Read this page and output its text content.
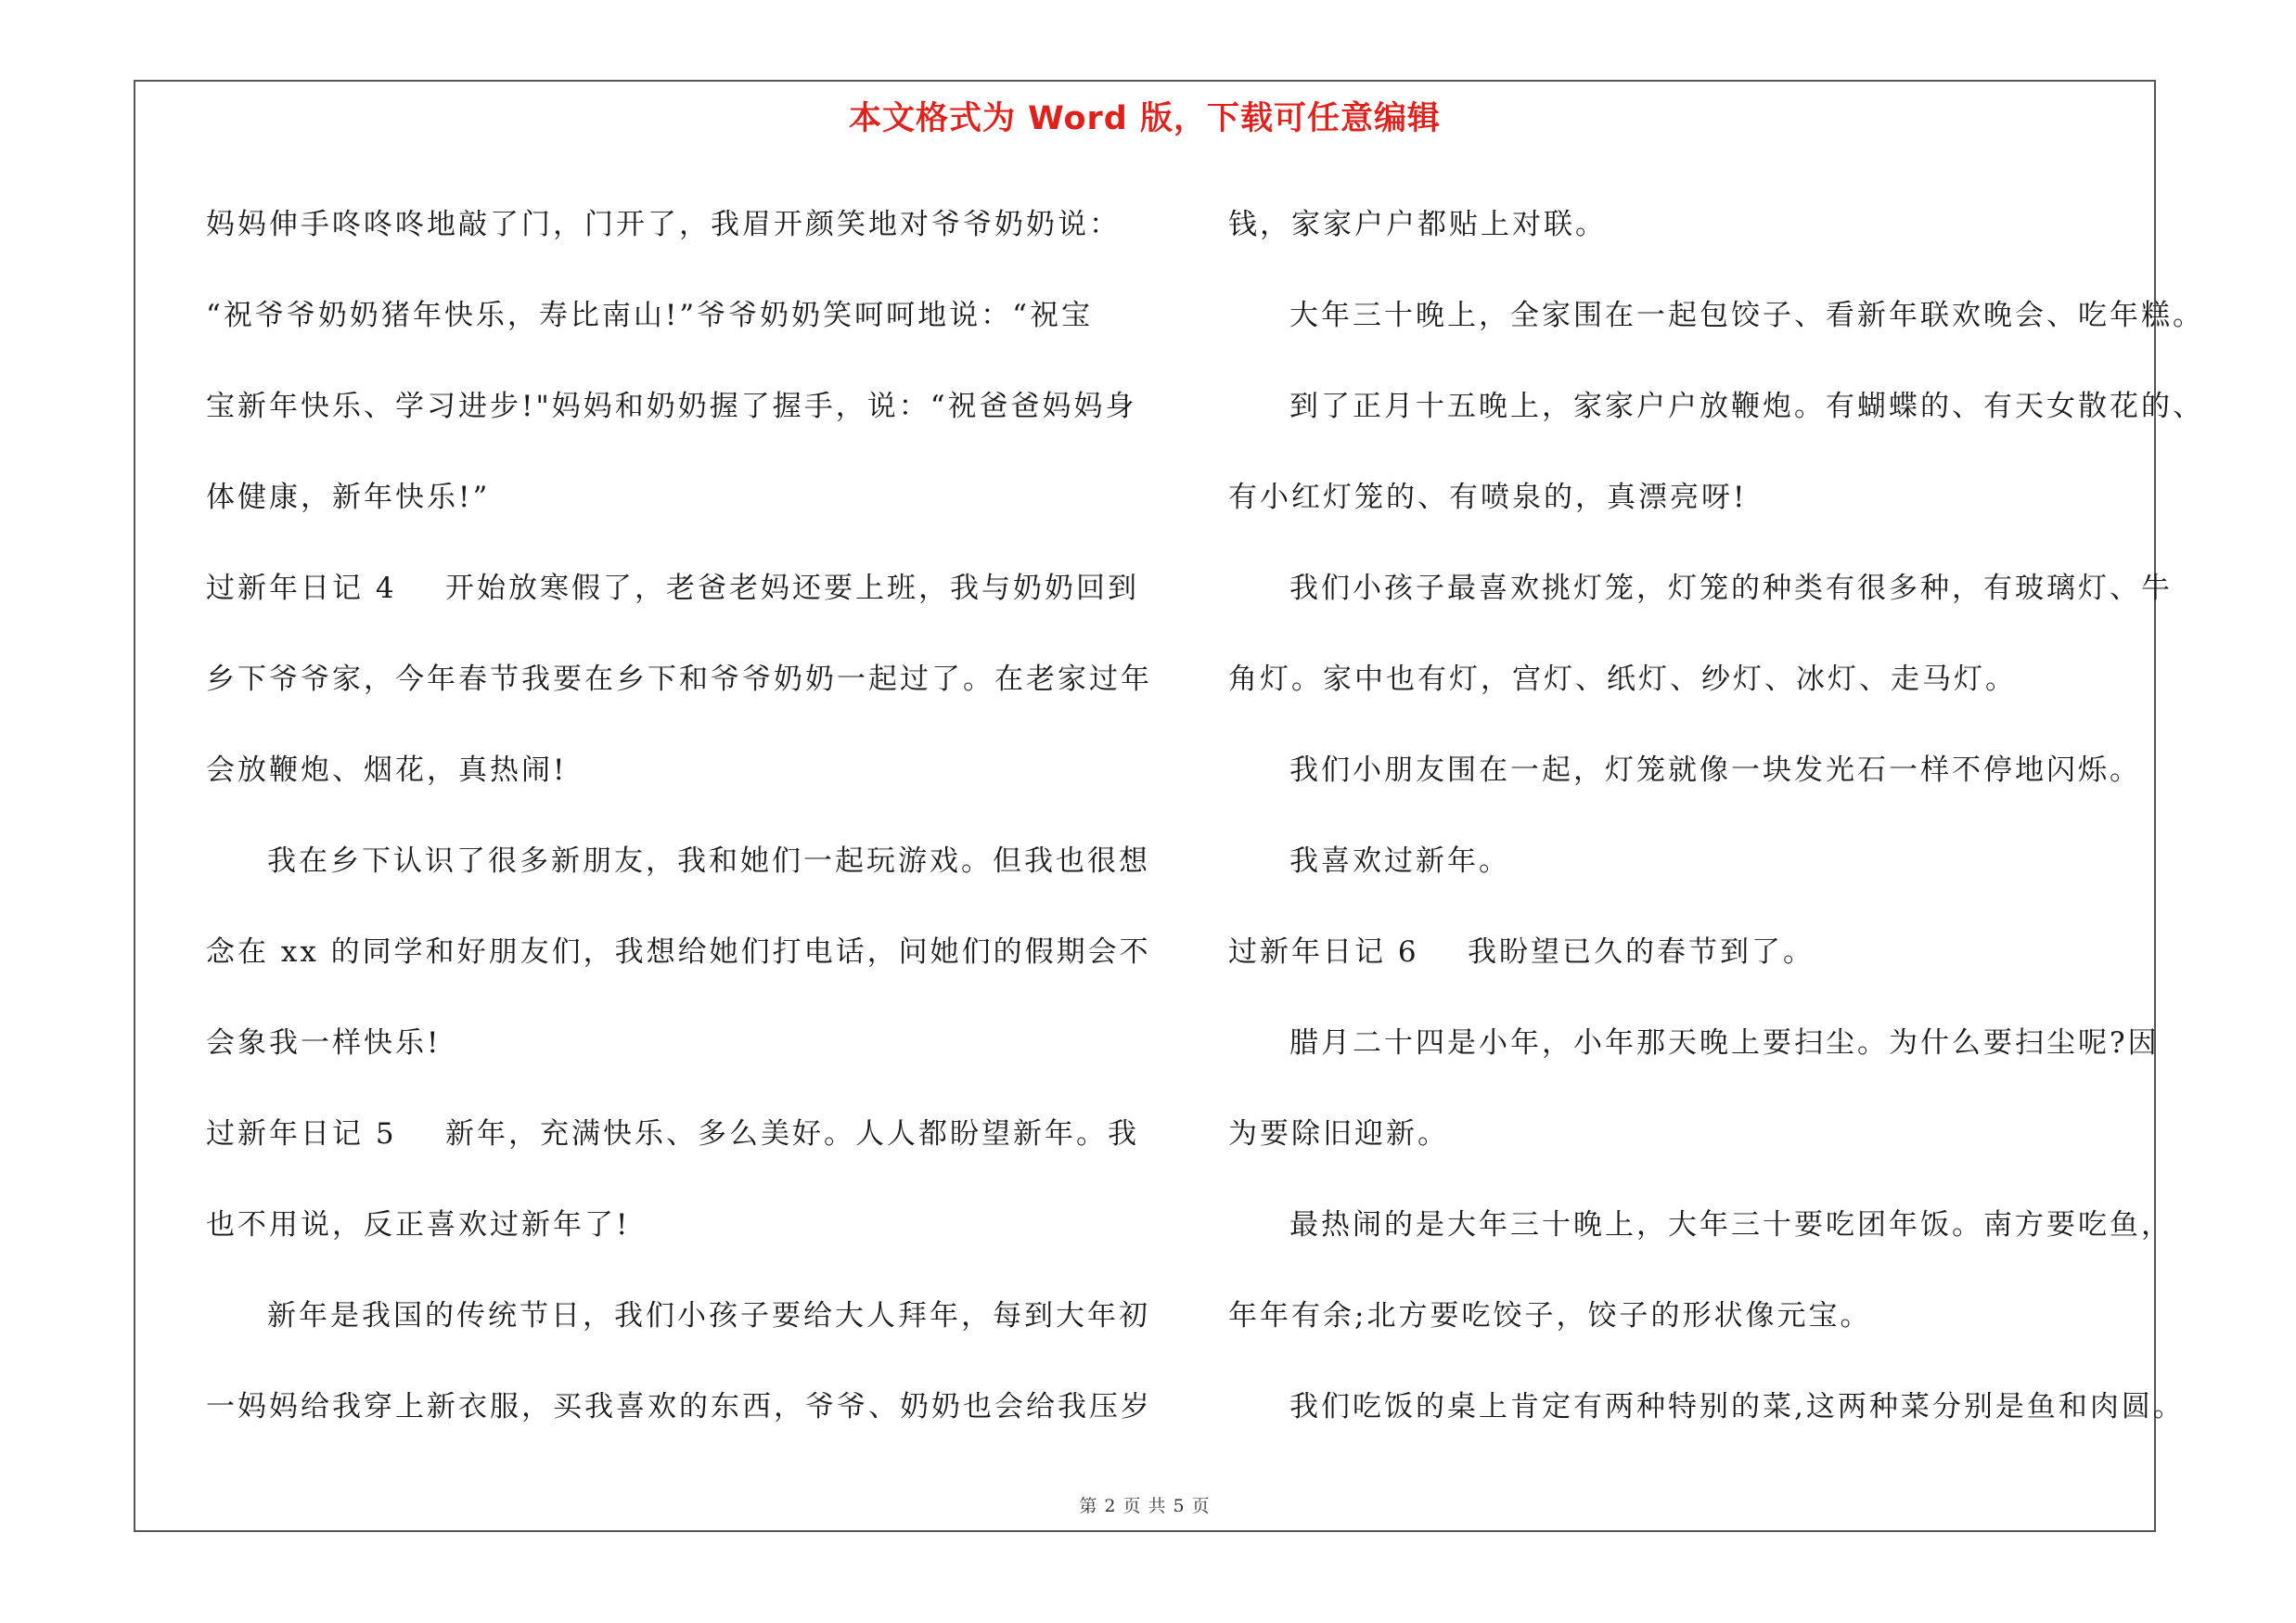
本文格式为 Word 版，下载可任意编辑
妈妈伸手咚咚咚地敲了门，门开了，我眉开颜笑地对爷爷奶奶说：
“祝爷爷奶奶猪年快乐，寿比南山!”爷爷奶奶笑呵呵地说：“祝宝
宝新年快乐、学习进步!"妈妈和奶奶握了握手，说：“祝爸爸妈妈身
体健康，新年快乐!”
过新年日记 4 开始放寒假了，老爸老妈还要上班，我与奶奶回到
乡下爷爷家，今年春节我要在乡下和爷爷奶奶一起过了。在老家过年
会放鞭炮、烟花，真热闹!
我在乡下认识了很多新朋友，我和她们一起玩游戏。但我也很想
念在 xx 的同学和好朋友们，我想给她们打电话，问她们的假期会不
会象我一样快乐!
过新年日记 5 新年，充满快乐、多么美好。人人都盼望新年。我
也不用说，反正喜欢过新年了!
新年是我国的传统节日，我们小孩子要给大人拜年，每到大年初
一妈妈给我穿上新衣服，买我喜欢的东西，爷爷、奶奶也会给我压岁
钱，家家户户都贴上对联。
大年三十晚上，全家围在一起包饺子、看新年联欢晚会、吃年糕。
到了正月十五晚上，家家户户放鞭炮。有蝴蝶的、有天女散花的、
有小红灯笼的、有喷泉的，真漂亮呀!
我们小孩子最喜欢挑灯笼，灯笼的种类有很多种，有玻璃灯、牛
角灯。家中也有灯，宫灯、纸灯、纱灯、冰灯、走马灯。
我们小朋友围在一起，灯笼就像一块发光石一样不停地闪烁。
我喜欢过新年。
过新年日记 6 我盼望已久的春节到了。
腊月二十四是小年，小年那天晚上要扫尘。为什么要扫尘呢?因
为要除旧迎新。
最热闹的是大年三十晚上，大年三十要吃团年饭。南方要吃鱼，
年年有余;北方要吃饺子，饺子的形状像元宝。
我们吃饭的桌上肯定有两种特别的菜,这两种菜分别是鱼和肉圆。
第 2 页 共 5 页
